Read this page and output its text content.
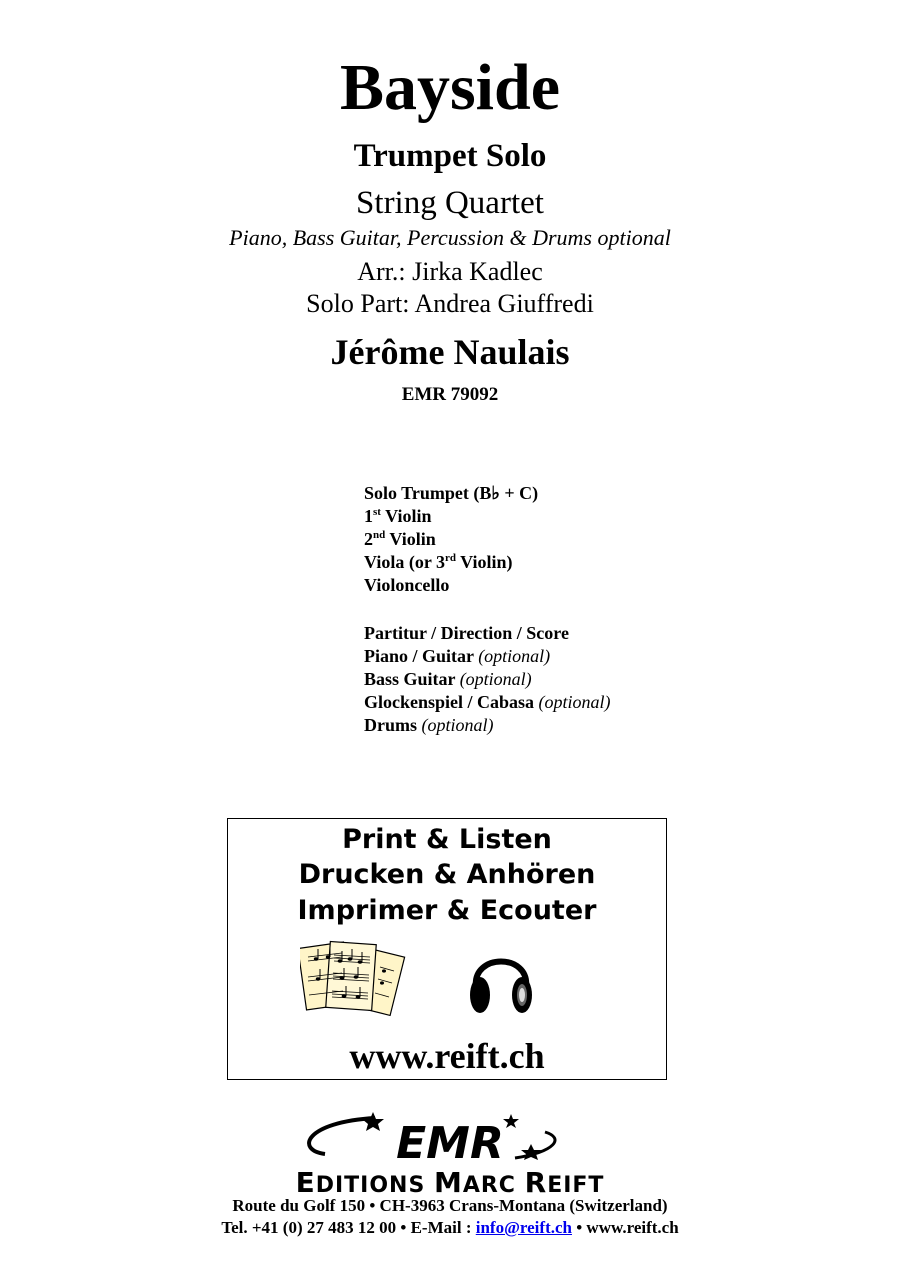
Bayside
Trumpet Solo
String Quartet
Piano, Bass Guitar, Percussion & Drums optional
Arr.: Jirka Kadlec
Solo Part: Andrea Giuffredi
Jérôme Naulais
EMR 79092
Solo Trumpet (B♭ + C)
1st Violin
2nd Violin
Viola (or 3rd Violin)
Violoncello
Partitur / Direction / Score
Piano / Guitar (optional)
Bass Guitar (optional)
Glockenspiel / Cabasa (optional)
Drums (optional)
Print & Listen
Drucken & Anhören
Imprimer & Ecouter
www.reift.ch
EMR
EDITIONS MARC REIFT
Route du Golf 150 • CH-3963 Crans-Montana (Switzerland)
Tel. +41 (0) 27 483 12 00 • E-Mail : info@reift.ch • www.reift.ch
